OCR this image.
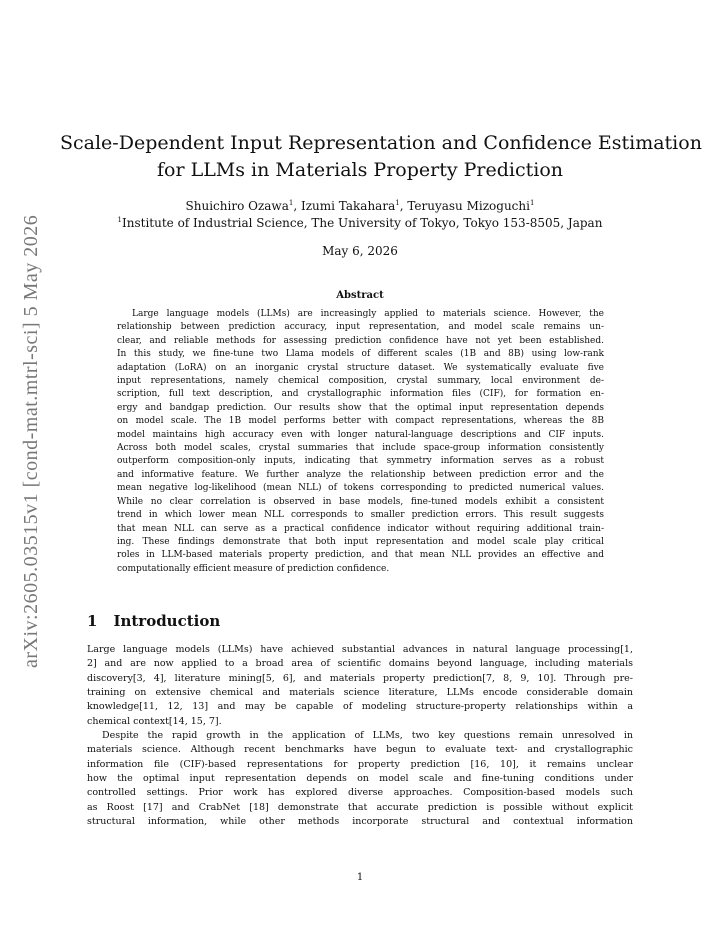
arXiv:2605.03515v1 [cond-mat.mtrl-sci] 5 May 2026
Scale-Dependent Input Representation and Confidence Estimation
for LLMs in Materials Property Prediction
Shuichiro Ozawa$^1$, Izumi Takahara$^1$, Teruyasu Mizoguchi$^1$
$^1$Institute of Industrial Science, The University of Tokyo, Tokyo 153-8505, Japan
May 6, 2026
Abstract
Large language models (LLMs) are increasingly applied to materials science. However, the
relationship between prediction accuracy, input representation, and model scale remains un-
clear, and reliable methods for assessing prediction confidence have not yet been established.
In this study, we fine-tune two Llama models of different scales (1B and 8B) using low-rank
adaptation (LoRA) on an inorganic crystal structure dataset. We systematically evaluate five
input representations, namely chemical composition, crystal summary, local environment de-
scription, full text description, and crystallographic information files (CIF), for formation en-
ergy and bandgap prediction. Our results show that the optimal input representation depends
on model scale. The 1B model performs better with compact representations, whereas the 8B
model maintains high accuracy even with longer natural-language descriptions and CIF inputs.
Across both model scales, crystal summaries that include space-group information consistently
outperform composition-only inputs, indicating that symmetry information serves as a robust
and informative feature. We further analyze the relationship between prediction error and the
mean negative log-likelihood (mean NLL) of tokens corresponding to predicted numerical values.
While no clear correlation is observed in base models, fine-tuned models exhibit a consistent
trend in which lower mean NLL corresponds to smaller prediction errors. This result suggests
that mean NLL can serve as a practical confidence indicator without requiring additional train-
ing. These findings demonstrate that both input representation and model scale play critical
roles in LLM-based materials property prediction, and that mean NLL provides an effective and
computationally efficient measure of prediction confidence.
1 Introduction
Large language models (LLMs) have achieved substantial advances in natural language processing[1,
2] and are now applied to a broad area of scientific domains beyond language, including materials
discovery[3, 4], literature mining[5, 6], and materials property prediction[7, 8, 9, 10]. Through pre-
training on extensive chemical and materials science literature, LLMs encode considerable domain
knowledge[11, 12, 13] and may be capable of modeling structure-property relationships within a
chemical context[14, 15, 7].
Despite the rapid growth in the application of LLMs, two key questions remain unresolved in
materials science. Although recent benchmarks have begun to evaluate text- and crystallographic
information file (CIF)-based representations for property prediction [16, 10], it remains unclear
how the optimal input representation depends on model scale and fine-tuning conditions under
controlled settings. Prior work has explored diverse approaches. Composition-based models such
as Roost [17] and CrabNet [18] demonstrate that accurate prediction is possible without explicit
structural information, while other methods incorporate structural and contextual information
1
